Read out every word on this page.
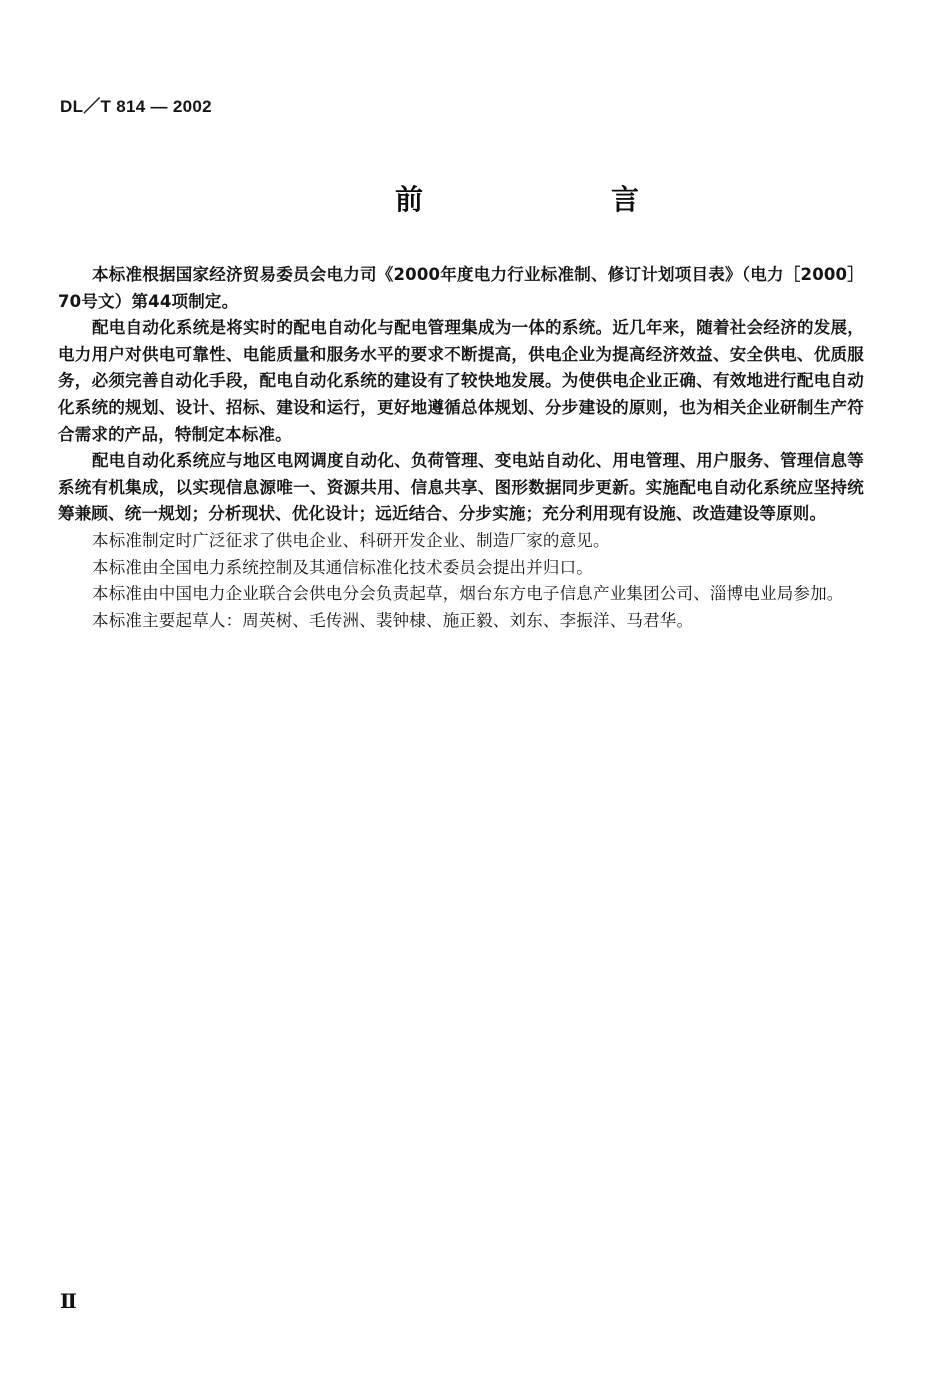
DL／T 814 — 2002
前　言

本标准根据国家经济贸易委员会电力司《2000年度电力行业标准制、修订计划项目表》（电力［2000］70号文）第44项制定。

配电自动化系统是将实时的配电自动化与配电管理集成为一体的系统。近几年来，随着社会经济的发展，电力用户对供电可靠性、电能质量和服务水平的要求不断提高，供电企业为提高经济效益、安全供电、优质服务，必须完善自动化手段，配电自动化系统的建设有了较快地发展。为使供电企业正确、有效地进行配电自动化系统的规划、设计、招标、建设和运行，更好地遵循总体规划、分步建设的原则，也为相关企业研制生产符合需求的产品，特制定本标准。

配电自动化系统应与地区电网调度自动化、负荷管理、变电站自动化、用电管理、用户服务、管理信息等系统有机集成，以实现信息源唯一、资源共用、信息共享、图形数据同步更新。实施配电自动化系统应坚持统筹兼顾、统一规划；分析现状、优化设计；远近结合、分步实施；充分利用现有设施、改造建设等原则。

本标准制定时广泛征求了供电企业、科研开发企业、制造厂家的意见。

本标准由全国电力系统控制及其通信标准化技术委员会提出并归口。

本标准由中国电力企业联合会供电分会负责起草，烟台东方电子信息产业集团公司、淄博电业局参加。

本标准主要起草人：周英树、毛传洲、裴钟棣、施正毅、刘东、李振洋、马君华。

Ⅱ
